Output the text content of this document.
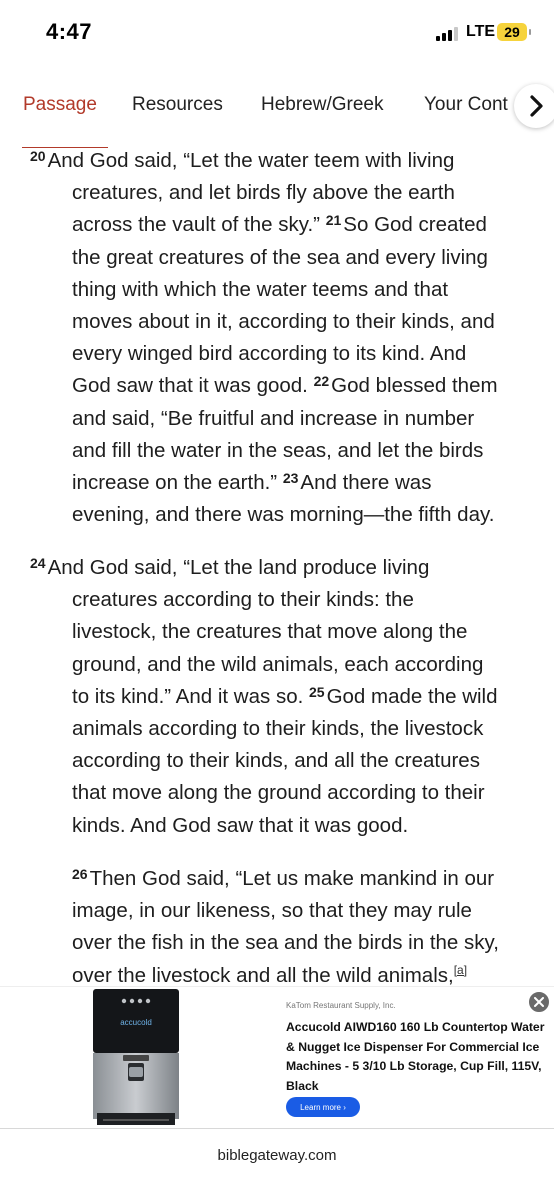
4:47	LTE 29
Passage Resources Hebrew/Greek Your Cont

$^{20}$And God said, “Let the water teem with living
creatures, and let birds fly above the earth
across the vault of the sky.” $^{21}$So God created
the great creatures of the sea and every living
thing with which the water teems and that
moves about in it, according to their kinds, and
every winged bird according to its kind. And
God saw that it was good. $^{22}$God blessed them
and said, “Be fruitful and increase in number
and fill the water in the seas, and let the birds
increase on the earth.” $^{23}$And there was
evening, and there was morning—the fifth day.

$^{24}$And God said, “Let the land produce living
creatures according to their kinds: the
livestock, the creatures that move along the
ground, and the wild animals, each according
to its kind.” And it was so. $^{25}$God made the wild
animals according to their kinds, the livestock
according to their kinds, and all the creatures
that move along the ground according to their
kinds. And God saw that it was good.

$^{26}$Then God said, “Let us make mankind in our
image, in our likeness, so that they may rule
over the fish in the sea and the birds in the sky,
over the livestock and all the wild animals,[a]

accucold
KaTom Restaurant Supply, Inc.
Accucold AIWD160 160 Lb Countertop Water & Nugget Ice Dispenser For Commercial Ice Machines - 5 3/10 Lb Storage, Cup Fill, 115V, Black
Learn more ›
biblegateway.com
